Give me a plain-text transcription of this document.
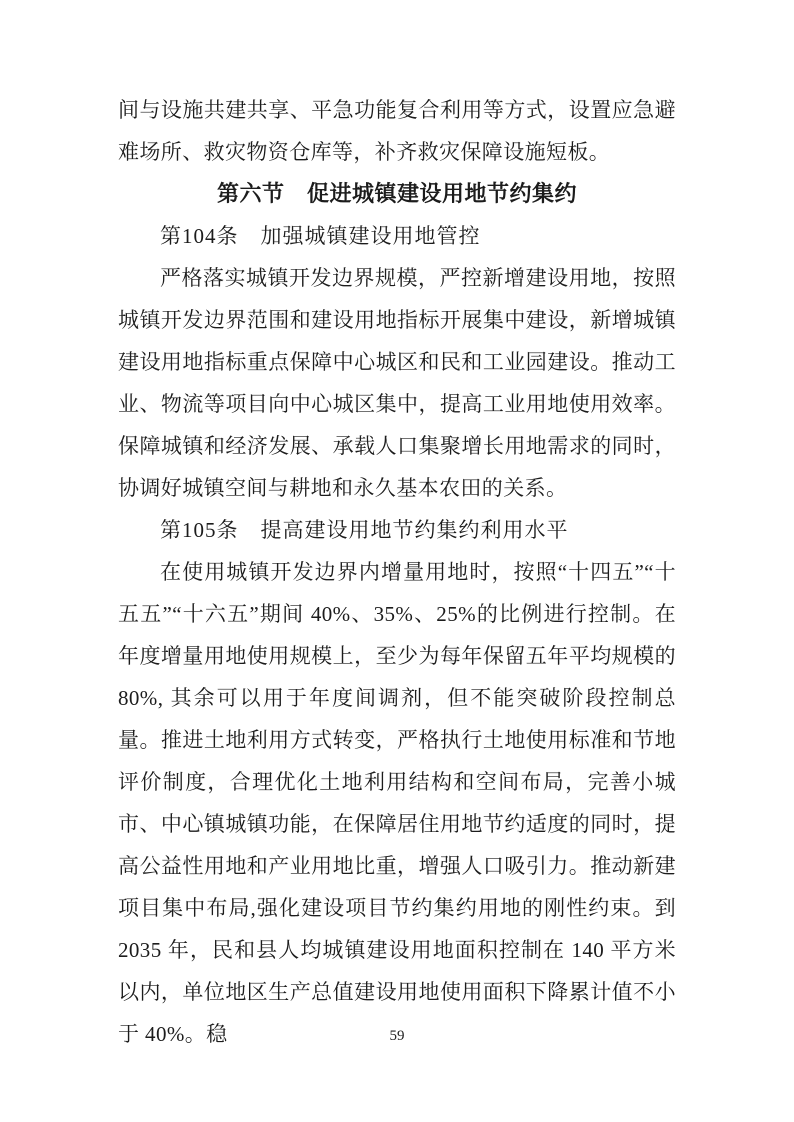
间与设施共建共享、平急功能复合利用等方式，设置应急避难场所、救灾物资仓库等，补齐救灾保障设施短板。

第六节　促进城镇建设用地节约集约
第104条　加强城镇建设用地管控

严格落实城镇开发边界规模，严控新增建设用地，按照城镇开发边界范围和建设用地指标开展集中建设，新增城镇建设用地指标重点保障中心城区和民和工业园建设。推动工业、物流等项目向中心城区集中，提高工业用地使用效率。保障城镇和经济发展、承载人口集聚增长用地需求的同时，协调好城镇空间与耕地和永久基本农田的关系。

第105条　提高建设用地节约集约利用水平

在使用城镇开发边界内增量用地时，按照“十四五”“十五五”“十六五”期间 40%、35%、25%的比例进行控制。在年度增量用地使用规模上，至少为每年保留五年平均规模的 80%, 其余可以用于年度间调剂，但不能突破阶段控制总量。推进土地利用方式转变，严格执行土地使用标准和节地评价制度，合理优化土地利用结构和空间布局，完善小城市、中心镇城镇功能，在保障居住用地节约适度的同时，提高公益性用地和产业用地比重，增强人口吸引力。推动新建项目集中布局,强化建设项目节约集约用地的刚性约束。到 2035 年，民和县人均城镇建设用地面积控制在 140 平方米以内，单位地区生产总值建设用地使用面积下降累计值不小于 40%。稳	59
